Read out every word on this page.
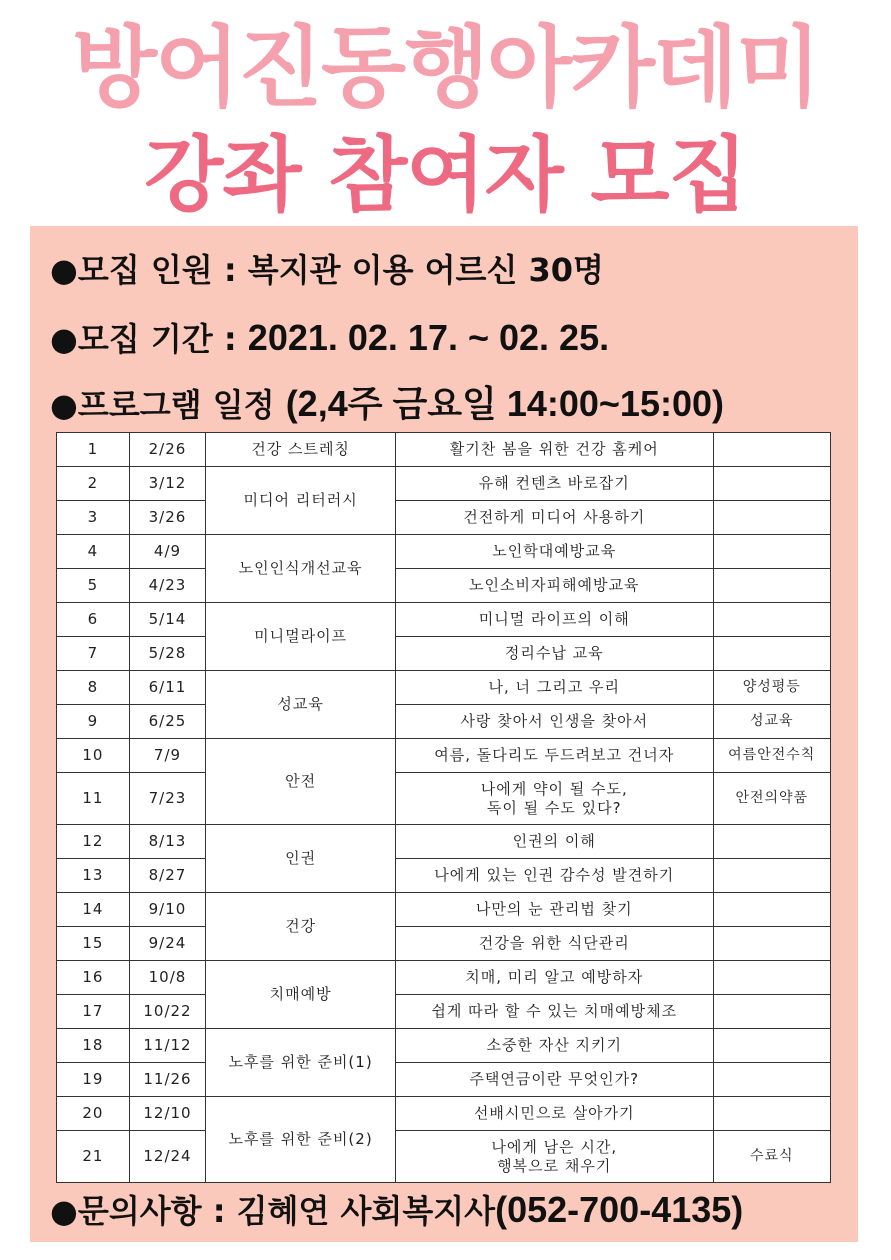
방어진동행아카데미
강좌 참여자 모집
●모집 인원 : 복지관 이용 어르신 30명
●모집 기간 : 2021. 02. 17. ~ 02. 25.
●프로그램 일정 (2,4주 금요일 14:00~15:00)
1	2/26	건강 스트레칭	활기찬 봄을 위한 건강 홈케어	
2	3/12	미디어 리터러시	유해 컨텐츠 바로잡기	
3	3/26		건전하게 미디어 사용하기	
4	4/9	노인인식개선교육	노인학대예방교육	
5	4/23		노인소비자피해예방교육	
6	5/14	미니멀라이프	미니멀 라이프의 이해	
7	5/28		정리수납 교육	
8	6/11	성교육	나, 너 그리고 우리	양성평등
9	6/25		사랑 찾아서 인생을 찾아서	성교육
10	7/9	안전	여름, 돌다리도 두드려보고 건너자	여름안전수칙
11	7/23		나에게 약이 될 수도,
독이 될 수도 있다?	안전의약품
12	8/13	인권	인권의 이해	
13	8/27		나에게 있는 인권 감수성 발견하기	
14	9/10	건강	나만의 눈 관리법 찾기	
15	9/24		건강을 위한 식단관리	
16	10/8	치매예방	치매, 미리 알고 예방하자	
17	10/22		쉽게 따라 할 수 있는 치매예방체조	
18	11/12	노후를 위한 준비(1)	소중한 자산 지키기	
19	11/26		주택연금이란 무엇인가?	
20	12/10	노후를 위한 준비(2)	선배시민으로 살아가기	
21	12/24		나에게 남은 시간,
행복으로 채우기	수료식
●문의사항 : 김혜연 사회복지사(052-700-4135)
